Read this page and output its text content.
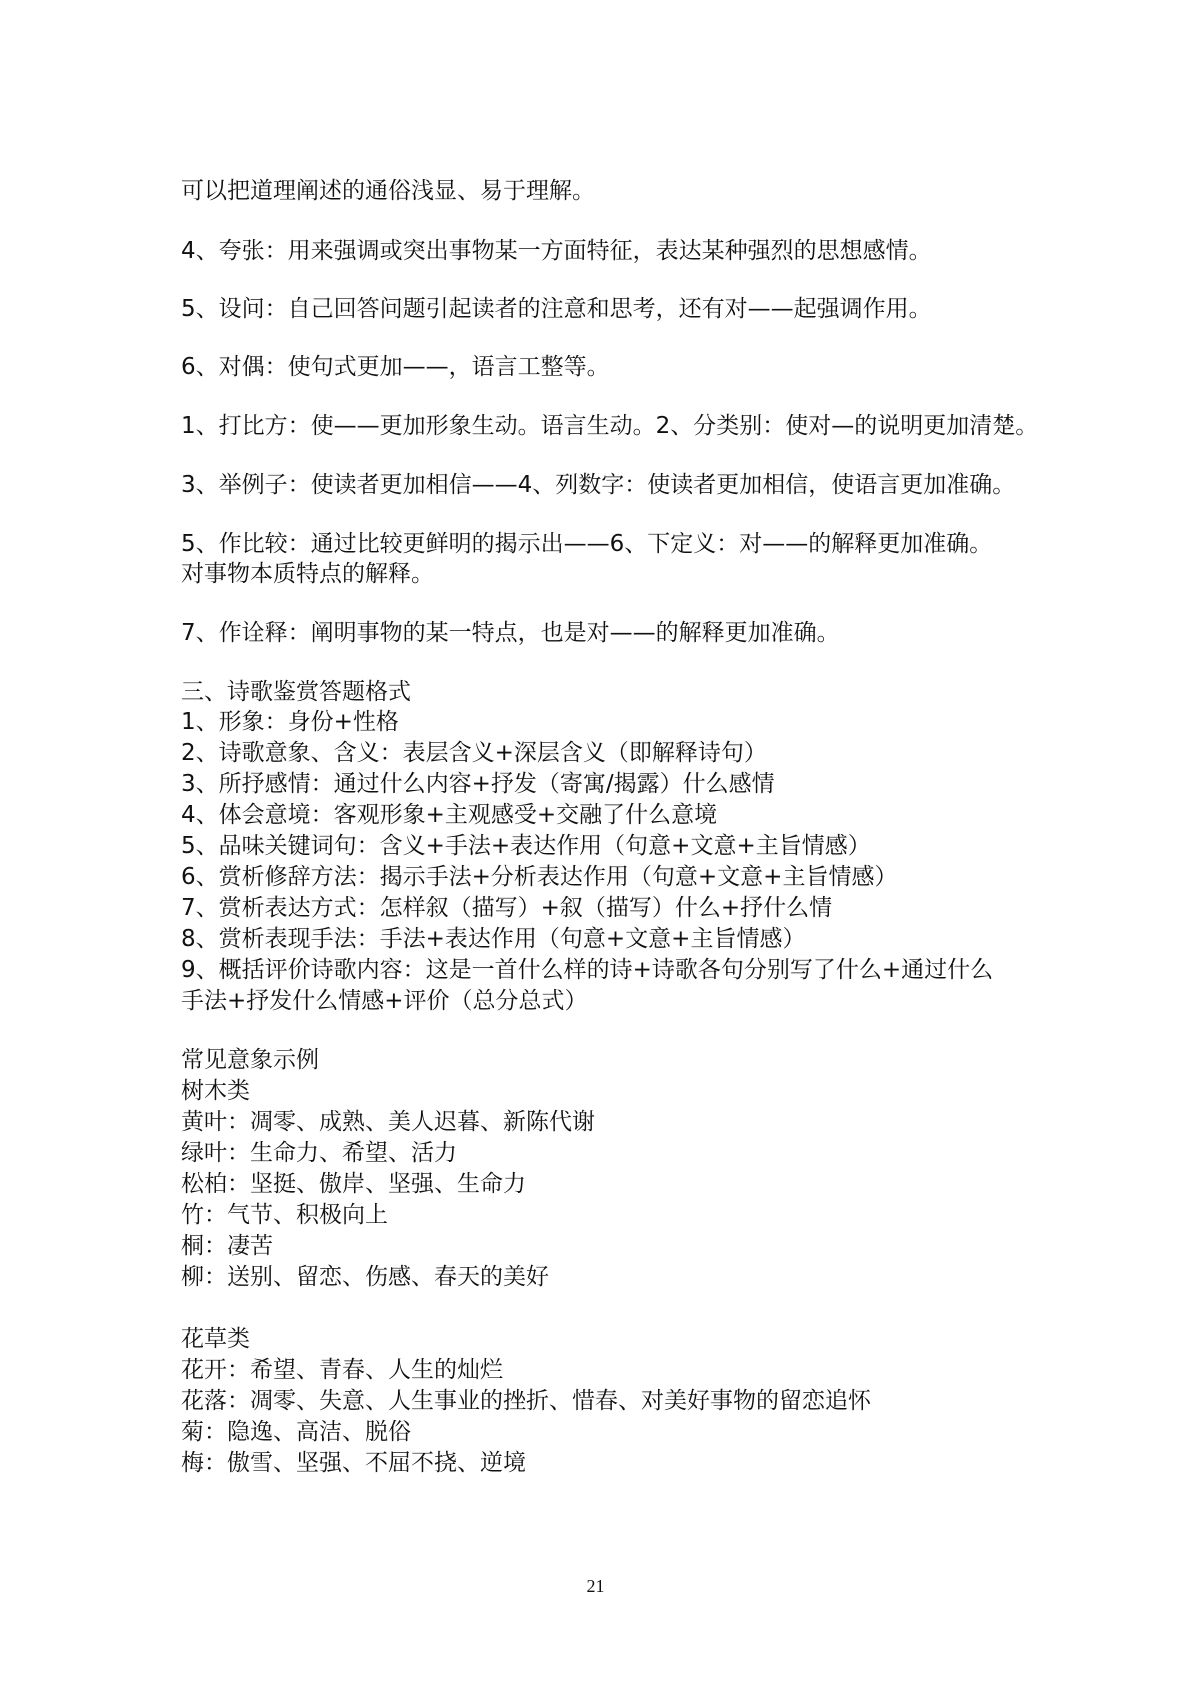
可以把道理阐述的通俗浅显、易于理解。
4、夸张：用来强调或突出事物某一方面特征，表达某种强烈的思想感情。
5、设问：自己回答问题引起读者的注意和思考，还有对——起强调作用。
6、对偶：使句式更加——，语言工整等。
1、打比方：使——更加形象生动。语言生动。2、分类别：使对—的说明更加清楚。
3、举例子：使读者更加相信——4、列数字：使读者更加相信，使语言更加准确。
5、作比较：通过比较更鲜明的揭示出——6、下定义：对——的解释更加准确。
对事物本质特点的解释。
7、作诠释：阐明事物的某一特点，也是对——的解释更加准确。
三、诗歌鉴赏答题格式
1、形象：身份+性格
2、诗歌意象、含义：表层含义+深层含义（即解释诗句）
3、所抒感情：通过什么内容+抒发（寄寓/揭露）什么感情
4、体会意境：客观形象+主观感受+交融了什么意境
5、品味关键词句：含义+手法+表达作用（句意+文意+主旨情感）
6、赏析修辞方法：揭示手法+分析表达作用（句意+文意+主旨情感）
7、赏析表达方式：怎样叙（描写）+叙（描写）什么+抒什么情
8、赏析表现手法：手法+表达作用（句意+文意+主旨情感）
9、概括评价诗歌内容：这是一首什么样的诗+诗歌各句分别写了什么+通过什么
手法+抒发什么情感+评价（总分总式）
常见意象示例
树木类
黄叶：凋零、成熟、美人迟暮、新陈代谢
绿叶：生命力、希望、活力
松柏：坚挺、傲岸、坚强、生命力
竹：气节、积极向上
桐：凄苦
柳：送别、留恋、伤感、春天的美好
花草类
花开：希望、青春、人生的灿烂
花落：凋零、失意、人生事业的挫折、惜春、对美好事物的留恋追怀
菊：隐逸、高洁、脱俗
梅：傲雪、坚强、不屈不挠、逆境
21
